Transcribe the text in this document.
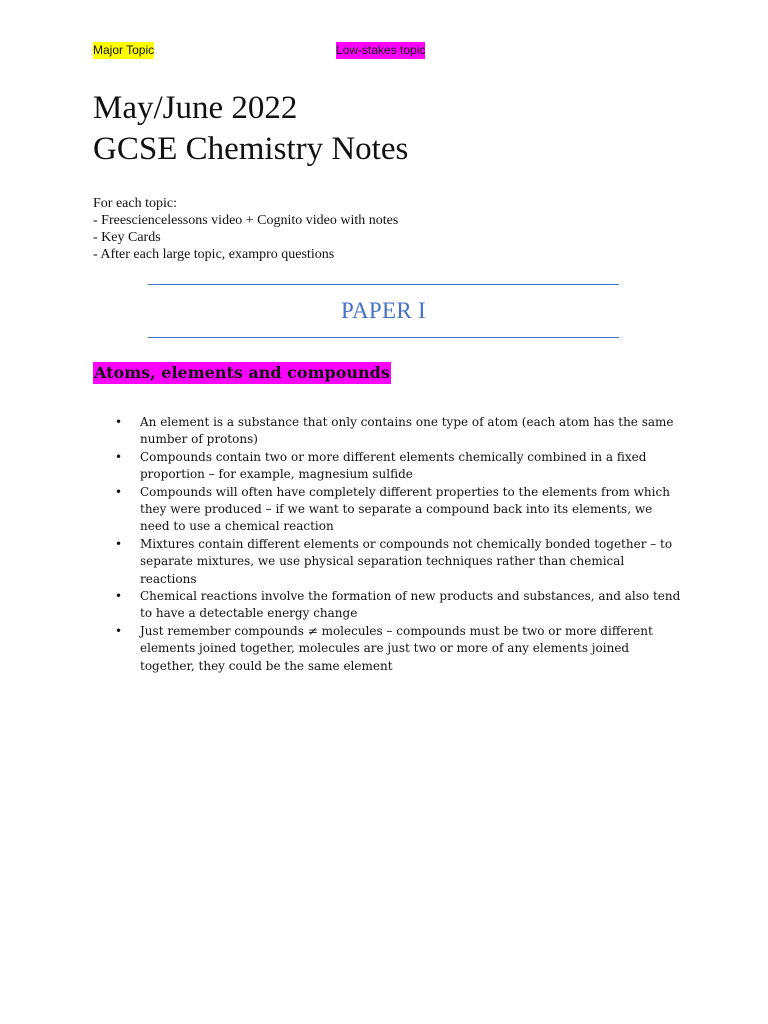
Major Topic	Low-stakes topic
May/June 2022
GCSE Chemistry Notes
For each topic:
- Freesciencelessons video + Cognito video with notes
- Key Cards
- After each large topic, exampro questions
PAPER I
Atoms, elements and compounds
• An element is a substance that only contains one type of atom (each atom has the same number of protons)
• Compounds contain two or more different elements chemically combined in a fixed proportion – for example, magnesium sulfide
• Compounds will often have completely different properties to the elements from which they were produced – if we want to separate a compound back into its elements, we need to use a chemical reaction
• Mixtures contain different elements or compounds not chemically bonded together – to separate mixtures, we use physical separation techniques rather than chemical reactions
• Chemical reactions involve the formation of new products and substances, and also tend to have a detectable energy change
• Just remember compounds ≠ molecules – compounds must be two or more different elements joined together, molecules are just two or more of any elements joined together, they could be the same element
